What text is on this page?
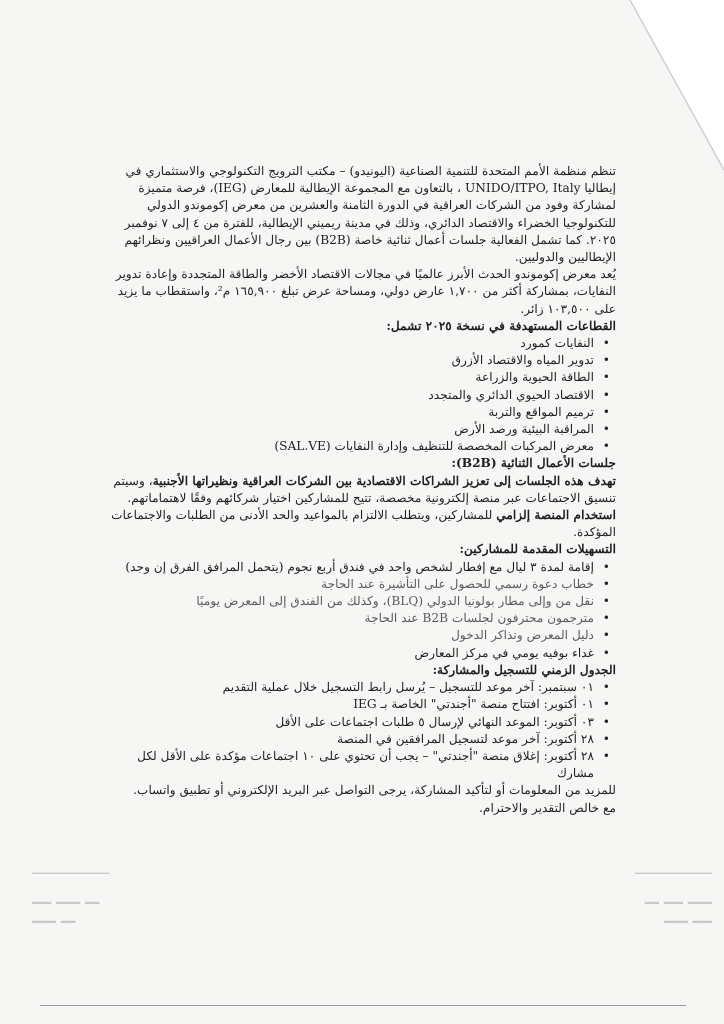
━━━━━━━━━━━━━━━━	━━━━━━━━━━━━━━━━
▬▬▬▬ ▬▬▬▬▬ ▬▬▬	▬▬▬ ▬▬▬▬ ▬▬▬▬▬
▬▬▬▬▬ ▬▬▬	▬▬▬▬▬ ▬▬▬▬

تنظم منظمة الأمم المتحدة للتنمية الصناعية (اليونيدو) – مكتب الترويج التكنولوجي والاستثماري في إيطاليا UNIDO/ITPO, Italy ، بالتعاون مع المجموعة الإيطالية للمعارض (IEG)، فرصة متميزة لمشاركة وفود من الشركات العراقية في الدورة الثامنة والعشرين من معرض إكوموندو الدولي للتكنولوجيا الخضراء والاقتصاد الدائري، وذلك في مدينة ريميني الإيطالية، للفترة من ٤ إلى ٧ نوفمبر ٢٠٢٥. كما تشمل الفعالية جلسات أعمال ثنائية خاصة (B2B) بين رجال الأعمال العراقيين ونظرائهم الإيطاليين والدوليين.

يُعد معرض إكوموندو الحدث الأبرز عالميًا في مجالات الاقتصاد الأخضر والطاقة المتجددة وإعادة تدوير النفايات، بمشاركة أكثر من ١,٧٠٠ عارض دولي، ومساحة عرض تبلغ ١٦٥,٩٠٠ م²، واستقطاب ما يزيد على ١٠٣,٥٠٠ زائر.

القطاعات المستهدفة في نسخة ٢٠٢٥ تشمل:

• النفايات كمورد
• تدوير المياه والاقتصاد الأزرق
• الطاقة الحيوية والزراعة
• الاقتصاد الحيوي الدائري والمتجدد
• ترميم المواقع والتربة
• المراقبة البيئية ورصد الأرض
• معرض المركبات المخصصة للتنظيف وإدارة النفايات (SAL.VE)

جلسات الأعمال الثنائية (B2B):

تهدف هذه الجلسات إلى تعزيز الشراكات الاقتصادية بين الشركات العراقية ونظيراتها الأجنبية، وسيتم تنسيق الاجتماعات عبر منصة إلكترونية مخصصة، تتيح للمشاركين اختيار شركائهم وفقًا لاهتماماتهم. استخدام المنصة إلزامي للمشاركين، ويتطلب الالتزام بالمواعيد والحد الأدنى من الطلبات والاجتماعات المؤكدة.

التسهيلات المقدمة للمشاركين:

• إقامة لمدة ٣ ليال مع إفطار لشخص واحد في فندق أربع نجوم (يتحمل المرافق الفرق إن وجد)
• خطاب دعوة رسمي للحصول على التأشيرة عند الحاجة
• نقل من وإلى مطار بولونيا الدولي (BLQ)، وكذلك من الفندق إلى المعرض يوميًا
• مترجمون محترفون لجلسات B2B عند الحاجة
• دليل المعرض وتذاكر الدخول
• غداء بوفيه يومي في مركز المعارض

الجدول الزمني للتسجيل والمشاركة:

• ٠١ سبتمبر: آخر موعد للتسجيل – يُرسل رابط التسجيل خلال عملية التقديم
• ٠١ أكتوبر: افتتاح منصة "أجندتي" الخاصة بـ IEG
• ٠٣ أكتوبر: الموعد النهائي لإرسال ٥ طلبات اجتماعات على الأقل
• ٢٨ أكتوبر: آخر موعد لتسجيل المرافقين في المنصة
• ٢٨ أكتوبر: إغلاق منصة "أجندتي" – يجب أن تحتوي على ١٠ اجتماعات مؤكدة على الأقل لكل مشارك

للمزيد من المعلومات أو لتأكيد المشاركة، يرجى التواصل عبر البريد الإلكتروني أو تطبيق واتساب.

مع خالص التقدير والاحترام.
